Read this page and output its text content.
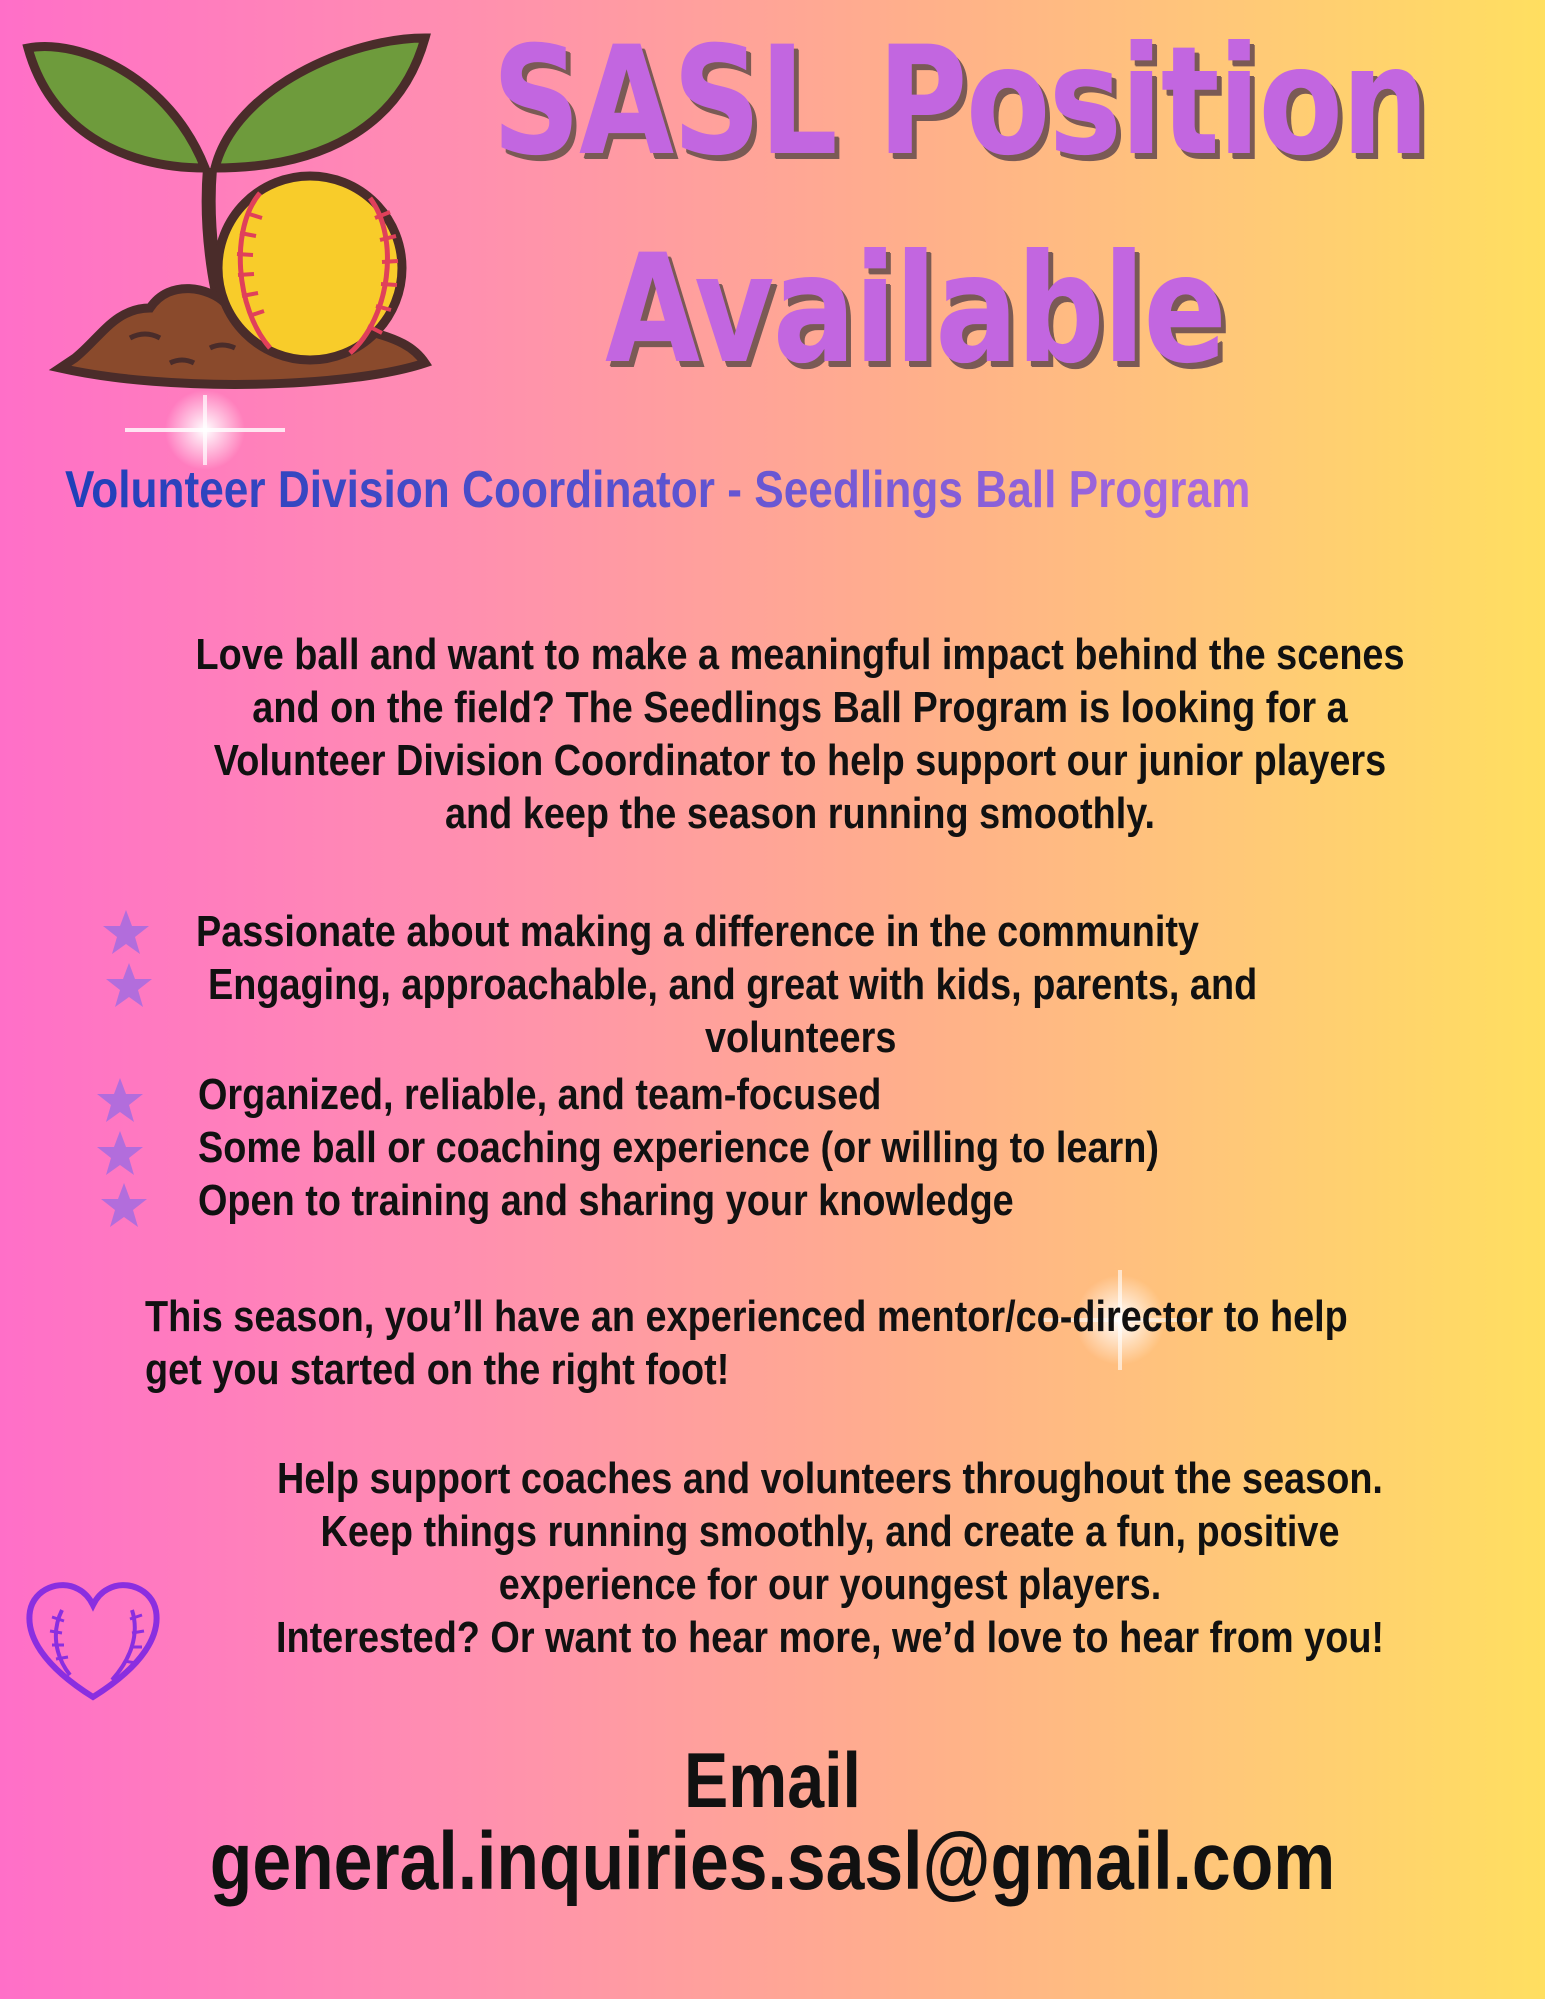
SASL Position
Available
Volunteer Division Coordinator - Seedlings Ball Program
Love ball and want to make a meaningful impact behind the scenes and on the field? The Seedlings Ball Program is looking for a Volunteer Division Coordinator to help support our junior players and keep the season running smoothly.
Passionate about making a difference in the community
Engaging, approachable, and great with kids, parents, and
volunteers
Organized, reliable, and team-focused
Some ball or coaching experience (or willing to learn)
Open to training and sharing your knowledge
This season, you’ll have an experienced mentor/co-director to help get you started on the right foot!
Help support coaches and volunteers throughout the season.
Keep things running smoothly, and create a fun, positive
experience for our youngest players.
Interested? Or want to hear more, we’d love to hear from you!
Email
general.inquiries.sasl@gmail.com
